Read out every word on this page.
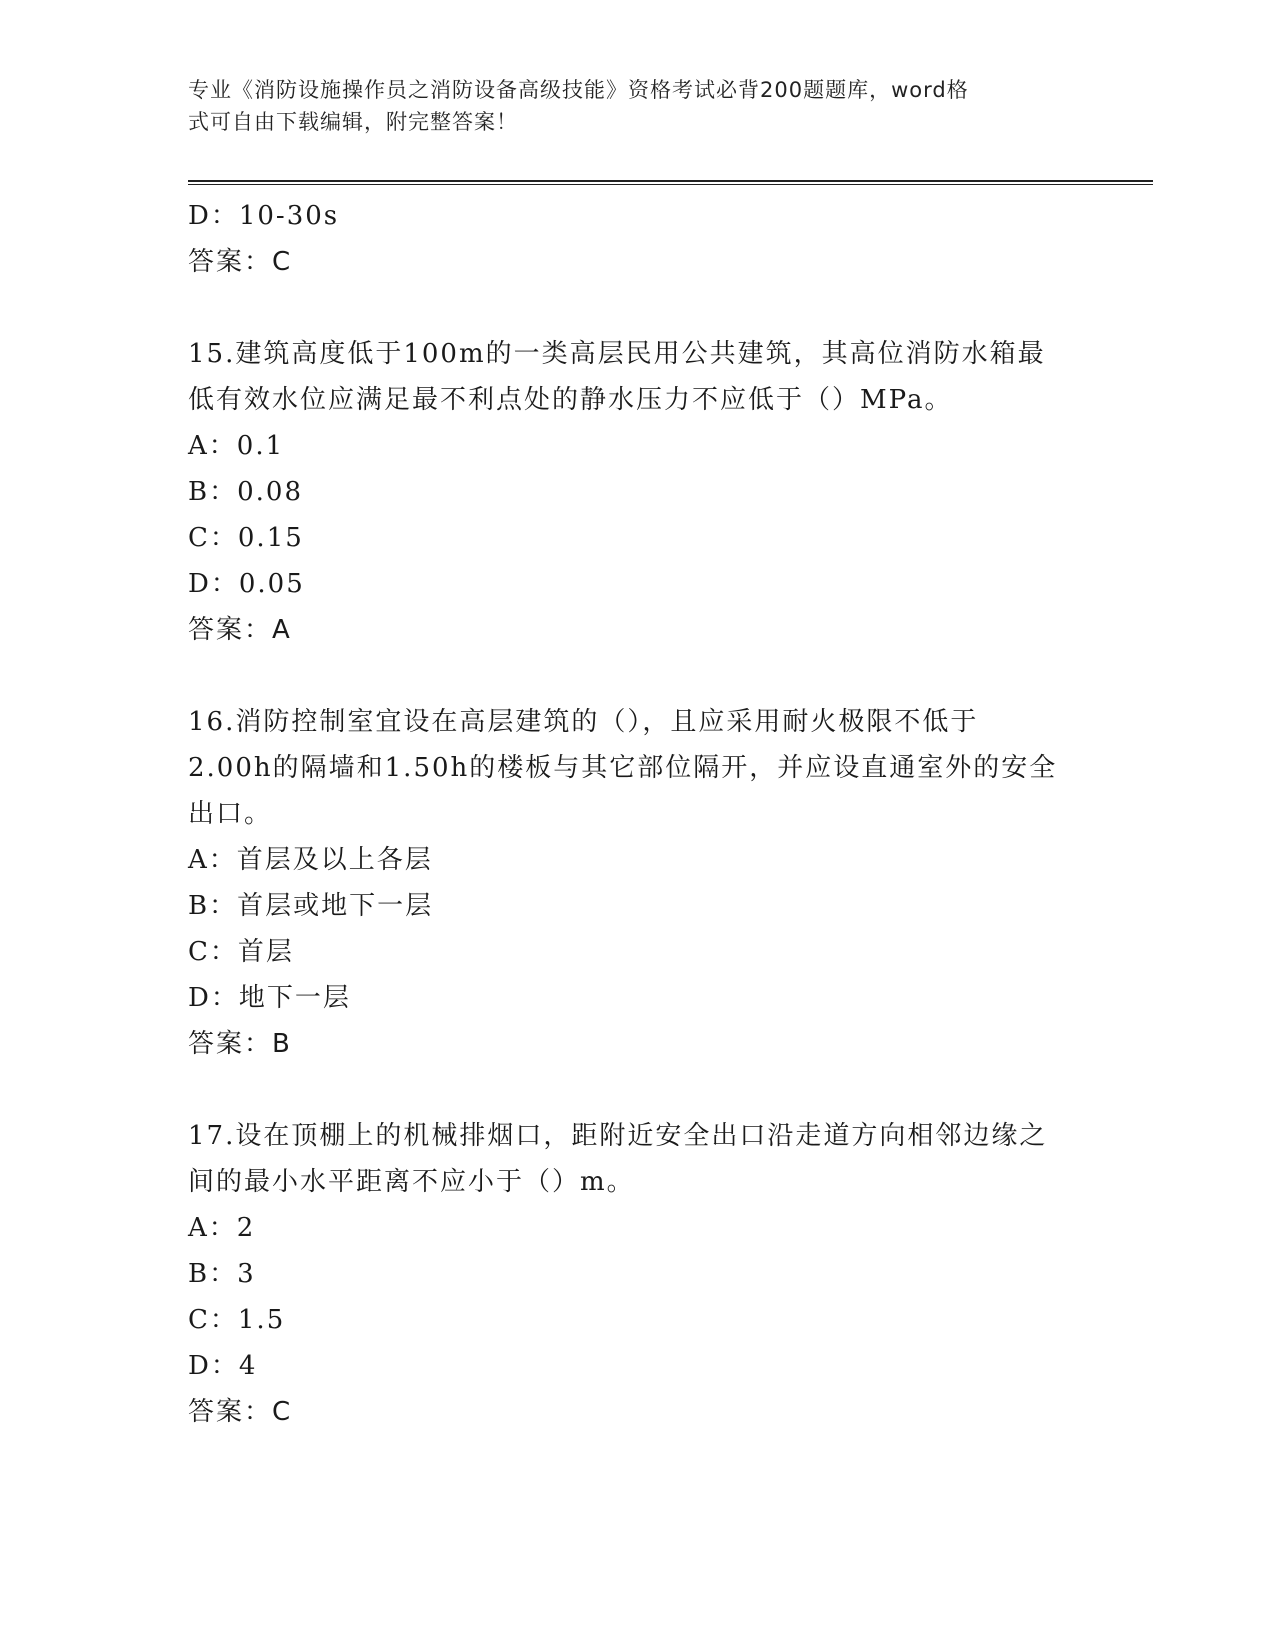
专业《消防设施操作员之消防设备高级技能》资格考试必背200题题库，word格
式可自由下载编辑，附完整答案！
D：10-30s
答案：C
15.建筑高度低于100m的一类高层民用公共建筑，其高位消防水箱最
低有效水位应满足最不利点处的静水压力不应低于（）MPa。
A：0.1
B：0.08
C：0.15
D：0.05
答案：A
16.消防控制室宜设在高层建筑的（），且应采用耐火极限不低于
2.00h的隔墙和1.50h的楼板与其它部位隔开，并应设直通室外的安全
出口。
A：首层及以上各层
B：首层或地下一层
C：首层
D：地下一层
答案：B
17.设在顶棚上的机械排烟口，距附近安全出口沿走道方向相邻边缘之
间的最小水平距离不应小于（）m。
A：2
B：3
C：1.5
D：4
答案：C
